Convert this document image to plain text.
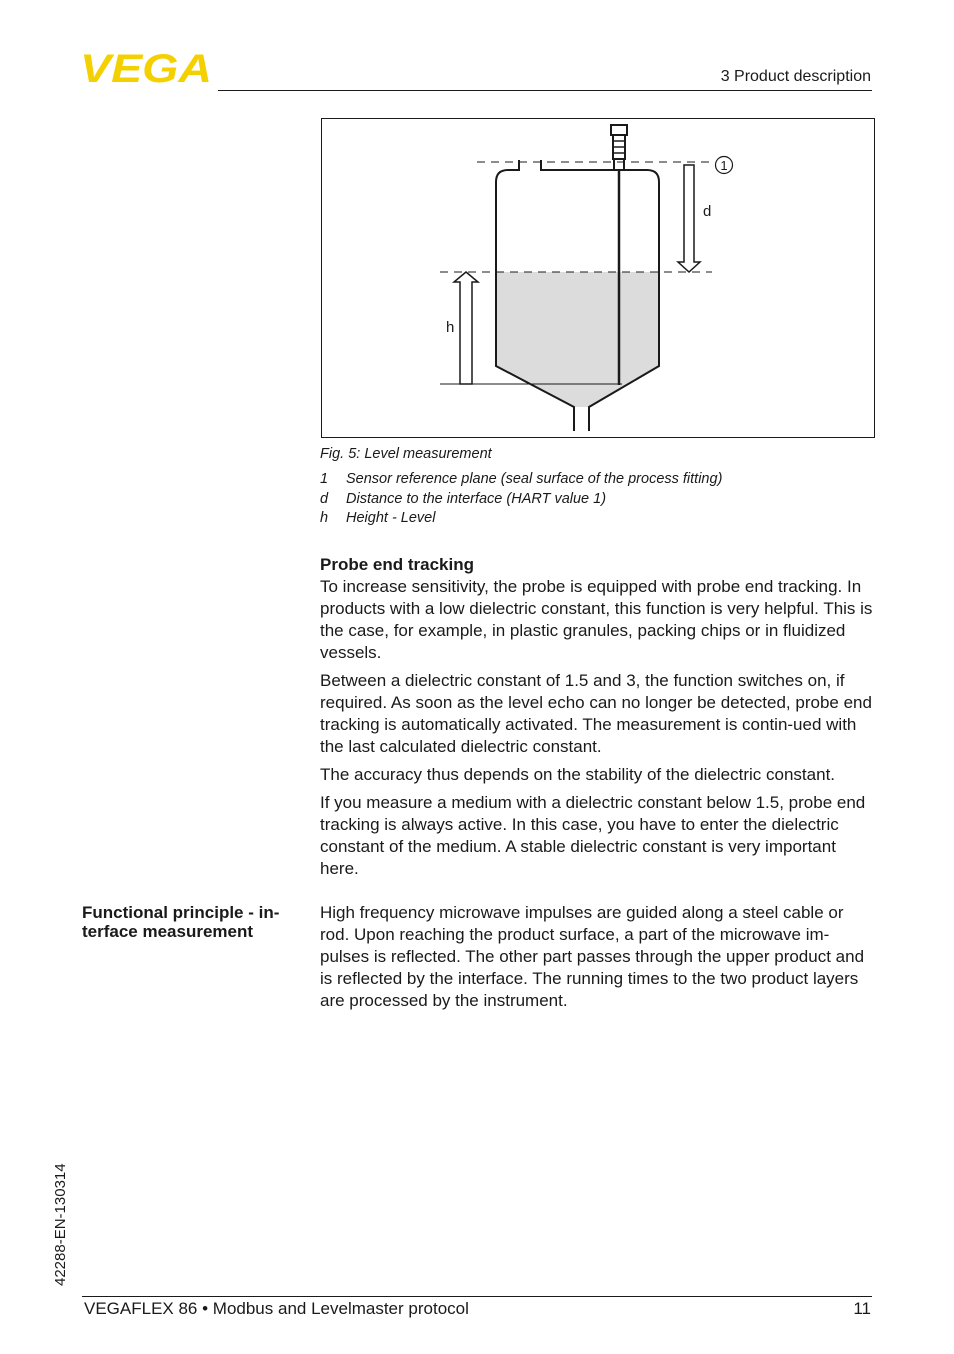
VEGA	3 Product description
1
d
h
Fig. 5: Level measurement
1 Sensor reference plane (seal surface of the process fitting)
d Distance to the interface (HART value 1)
h Height - Level

Probe end tracking

To increase sensitivity, the probe is equipped with probe end tracking. In products with a low dielectric constant, this function is very helpful. This is the case, for example, in plastic granules, packing chips or in fluidized vessels.

Between a dielectric constant of 1.5 and 3, the function switches on, if required. As soon as the level echo can no longer be detected, probe end tracking is automatically activated. The measurement is contin-ued with the last calculated dielectric constant.

The accuracy thus depends on the stability of the dielectric constant.

If you measure a medium with a dielectric constant below 1.5, probe end tracking is always active. In this case, you have to enter the dielectric constant of the medium. A stable dielectric constant is very important here.

Functional principle - in-terface measurement

High frequency microwave impulses are guided along a steel cable or rod. Upon reaching the product surface, a part of the microwave im-pulses is reflected. The other part passes through the upper product and is reflected by the interface. The running times to the two product layers are processed by the instrument.

42288-EN-130314
VEGAFLEX 86 • Modbus and Levelmaster protocol	11
